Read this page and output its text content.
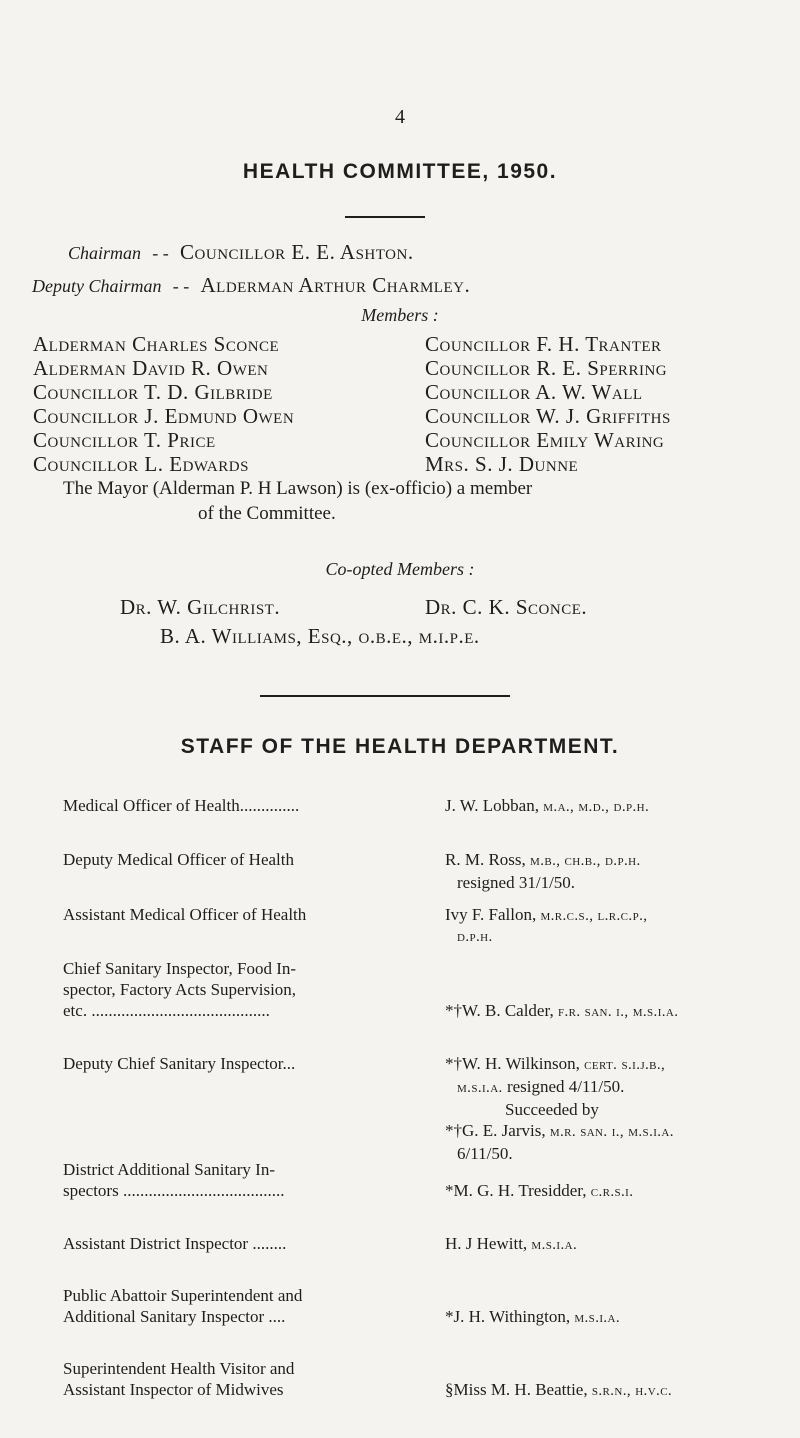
4
HEALTH COMMITTEE, 1950.
Chairman - - Councillor E. E. Ashton.
Deputy Chairman - - Alderman Arthur Charmley.
Members :
Alderman Charles Sconce
Alderman David R. Owen
Councillor T. D. Gilbride
Councillor J. Edmund Owen
Councillor T. Price
Councillor L. Edwards
Councillor F. H. Tranter
Councillor R. E. Sperring
Councillor A. W. Wall
Councillor W. J. Griffiths
Councillor Emily Waring
Mrs. S. J. Dunne
The Mayor (Alderman P. H Lawson) is (ex-officio) a member
of the Committee.
Co-opted Members :
Dr. W. Gilchrist.	Dr. C. K. Sconce.
B. A. Williams, Esq., o.b.e., m.i.p.e.
STAFF OF THE HEALTH DEPARTMENT.
Medical Officer of Health..............	J. W. Lobban, m.a., m.d., d.p.h.
Deputy Medical Officer of Health	R. M. Ross, m.b., ch.b., d.p.h.
resigned 31/1/50.
Assistant Medical Officer of Health	Ivy F. Fallon, m.r.c.s., l.r.c.p.,
d.p.h.
Chief Sanitary Inspector, Food In-
spector, Factory Acts Supervision,
etc. ..........................................	*†W. B. Calder, f.r. san. i., m.s.i.a.
Deputy Chief Sanitary Inspector...	*†W. H. Wilkinson, cert. s.i.j.b.,
m.s.i.a. resigned 4/11/50.
Succeeded by
*†G. E. Jarvis, m.r. san. i., m.s.i.a.
6/11/50.
District Additional Sanitary In-
spectors ......................................	*M. G. H. Tresidder, c.r.s.i.
Assistant District Inspector ........	H. J Hewitt, m.s.i.a.
Public Abattoir Superintendent and
Additional Sanitary Inspector ....	*J. H. Withington, m.s.i.a.
Superintendent Health Visitor and
Assistant Inspector of Midwives	§Miss M. H. Beattie, s.r.n., h.v.c.
